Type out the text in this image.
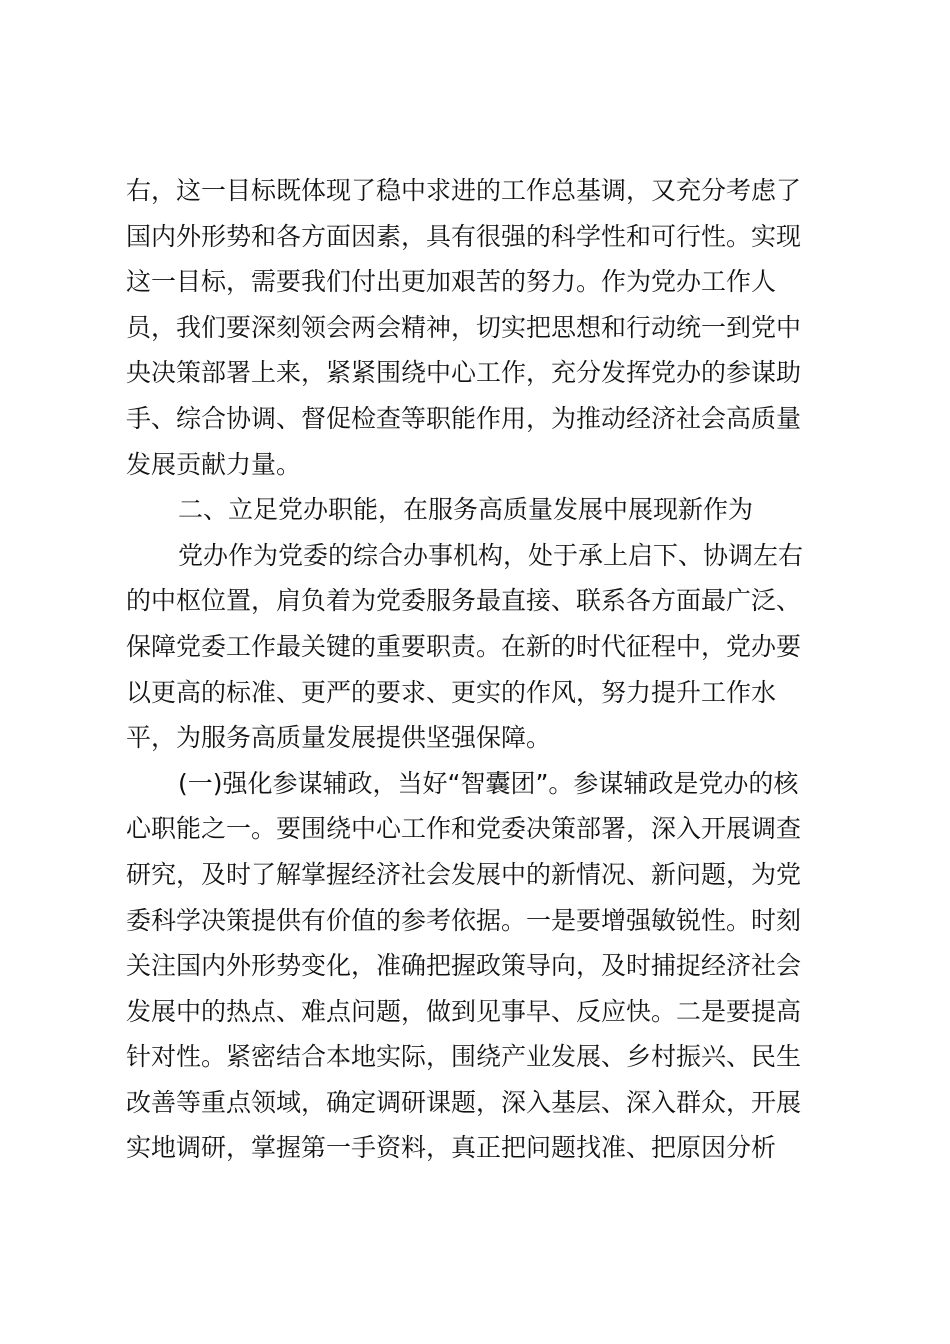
右，这一目标既体现了稳中求进的工作总基调，又充分考虑了
国内外形势和各方面因素，具有很强的科学性和可行性。实现
这一目标，需要我们付出更加艰苦的努力。作为党办工作人
员，我们要深刻领会两会精神，切实把思想和行动统一到党中
央决策部署上来，紧紧围绕中心工作，充分发挥党办的参谋助
手、综合协调、督促检查等职能作用，为推动经济社会高质量
发展贡献力量。
二、立足党办职能，在服务高质量发展中展现新作为
党办作为党委的综合办事机构，处于承上启下、协调左右
的中枢位置，肩负着为党委服务最直接、联系各方面最广泛、
保障党委工作最关键的重要职责。在新的时代征程中，党办要
以更高的标准、更严的要求、更实的作风，努力提升工作水
平，为服务高质量发展提供坚强保障。
(一)强化参谋辅政，当好“智囊团”。参谋辅政是党办的核
心职能之一。要围绕中心工作和党委决策部署，深入开展调查
研究，及时了解掌握经济社会发展中的新情况、新问题，为党
委科学决策提供有价值的参考依据。一是要增强敏锐性。时刻
关注国内外形势变化，准确把握政策导向，及时捕捉经济社会
发展中的热点、难点问题，做到见事早、反应快。二是要提高
针对性。紧密结合本地实际，围绕产业发展、乡村振兴、民生
改善等重点领域，确定调研课题，深入基层、深入群众，开展
实地调研，掌握第一手资料，真正把问题找准、把原因分析
